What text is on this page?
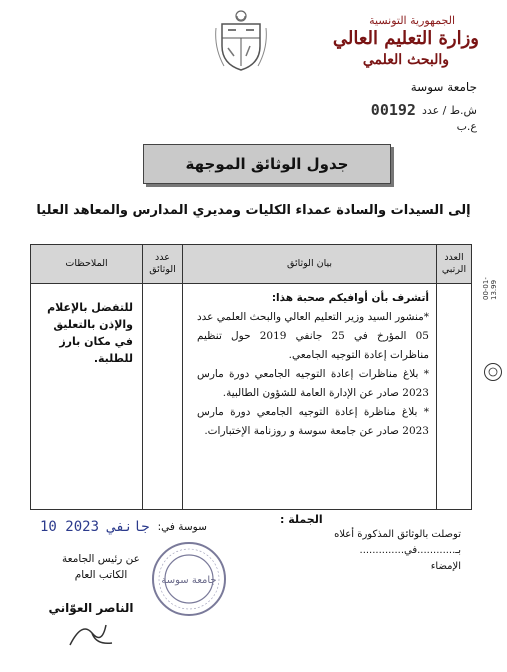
الجمهورية التونسية
وزارة التعليم العالي
والبحث العلمي
جامعة سوسة
ش.ط / عدد
00192
ع.ب
جدول الوثائق الموجهة
إلى السيدات والسادة عمداء الكليات ومديري المدارس والمعاهد العليا
العدد الرتبي
بيان الوثائق
عدد الوثائق
الملاحظات
أتشرف بأن أوافيكم صحبة هذا:

*منشور السيد وزير التعليم العالي والبحث العلمي عدد 05 المؤرخ في 25 جانفي 2019 حول تنظيم مناظرات إعادة التوجيه الجامعي.

* بلاغ مناظرات إعادة التوجيه الجامعي دورة مارس 2023 صادر عن الإدارة العامة للشؤون الطالبية.

* بلاغ مناظرة إعادة التوجيه الجامعي دورة مارس 2023 صادر عن جامعة سوسة و روزنامة الإختبارات.

للتفضل بالإعلام والإذن بالتعليق في مكان بارز للطلبة.
الجملة :
سوسة في:
10 جانفي 2023	توصلت بالوثائق المذكورة أعلاه
بـ............في..............
الإمضاء
عن رئيس الجامعة
الكاتب العام
الناصر العوّاني
جامعة سوسة
00-01-13.99
